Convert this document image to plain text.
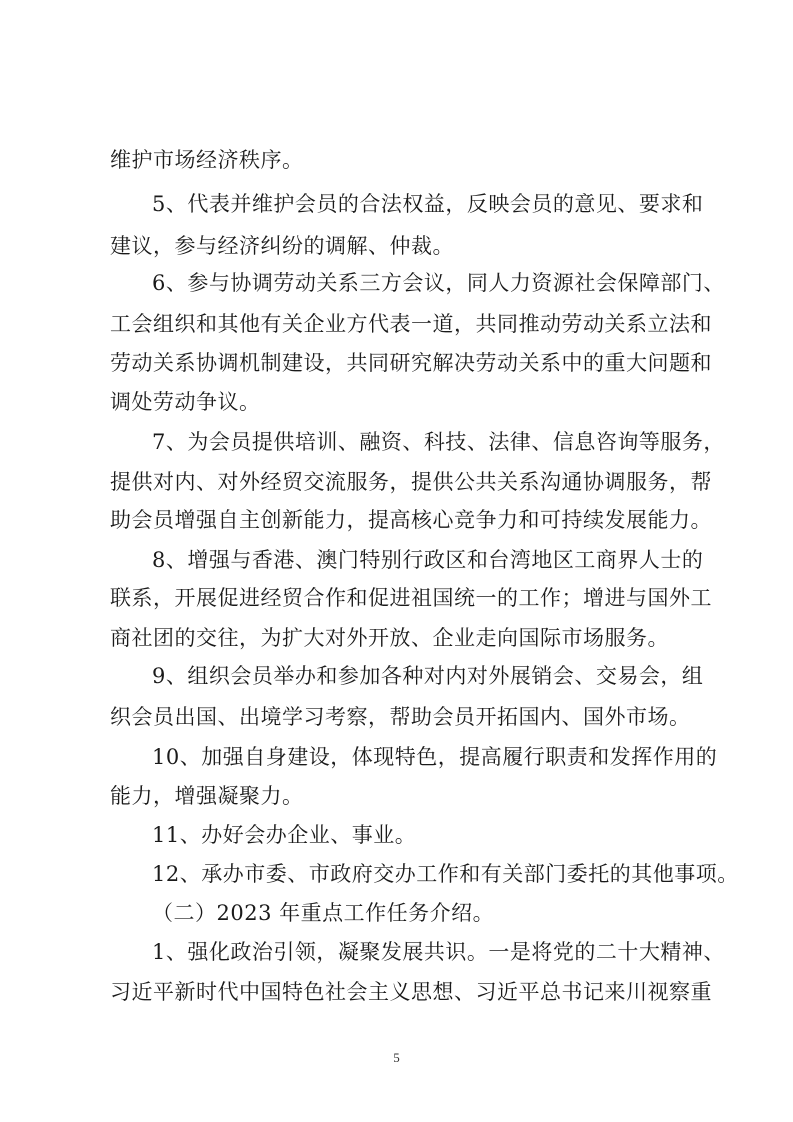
维护市场经济秩序。
5、代表并维护会员的合法权益，反映会员的意见、要求和
建议，参与经济纠纷的调解、仲裁。
6、参与协调劳动关系三方会议，同人力资源社会保障部门、
工会组织和其他有关企业方代表一道，共同推动劳动关系立法和
劳动关系协调机制建设，共同研究解决劳动关系中的重大问题和
调处劳动争议。
7、为会员提供培训、融资、科技、法律、信息咨询等服务，
提供对内、对外经贸交流服务，提供公共关系沟通协调服务，帮
助会员增强自主创新能力，提高核心竞争力和可持续发展能力。
8、增强与香港、澳门特别行政区和台湾地区工商界人士的
联系，开展促进经贸合作和促进祖国统一的工作；增进与国外工
商社团的交往，为扩大对外开放、企业走向国际市场服务。
9、组织会员举办和参加各种对内对外展销会、交易会，组
织会员出国、出境学习考察，帮助会员开拓国内、国外市场。
10、加强自身建设，体现特色，提高履行职责和发挥作用的
能力，增强凝聚力。
11、办好会办企业、事业。
12、承办市委、市政府交办工作和有关部门委托的其他事项。
（二）2023 年重点工作任务介绍。
1、强化政治引领，凝聚发展共识。一是将党的二十大精神、
习近平新时代中国特色社会主义思想、习近平总书记来川视察重
5
